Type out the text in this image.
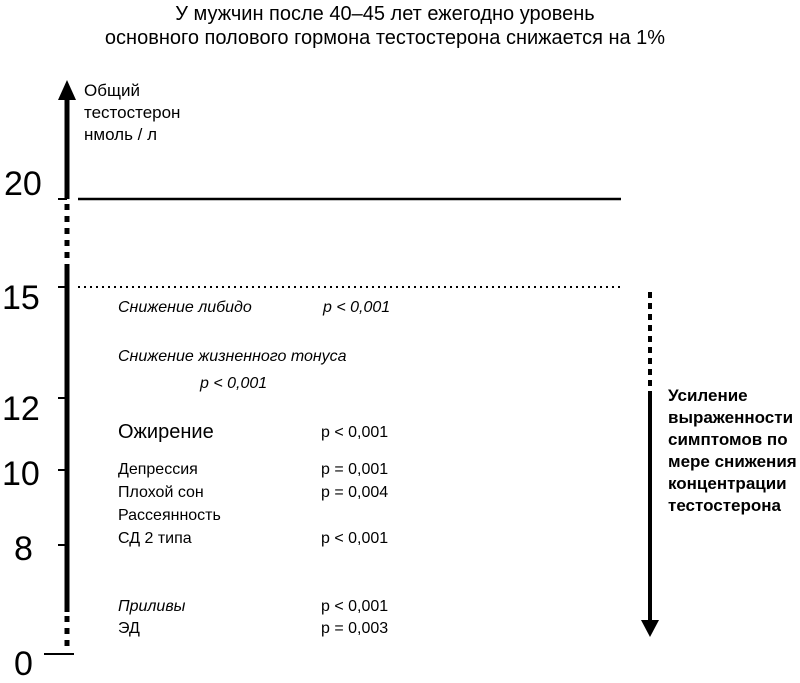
У мужчин после 40–45 лет ежегодно уровень
основного полового гормона тестостерона снижается на 1%
Общий
тестостерон
нмоль / л
20
15
12
10
8
0
Снижение либидо	p < 0,001
Снижение жизненного тонуса
p < 0,001
Ожирение	p < 0,001
Депрессия	p = 0,001
Плохой сон	p = 0,004
Рассеянность
СД 2 типа	p < 0,001
Приливы	p < 0,001
ЭД	p = 0,003
Усиление
выраженности
симптомов по
мере снижения
концентрации
тестостерона
